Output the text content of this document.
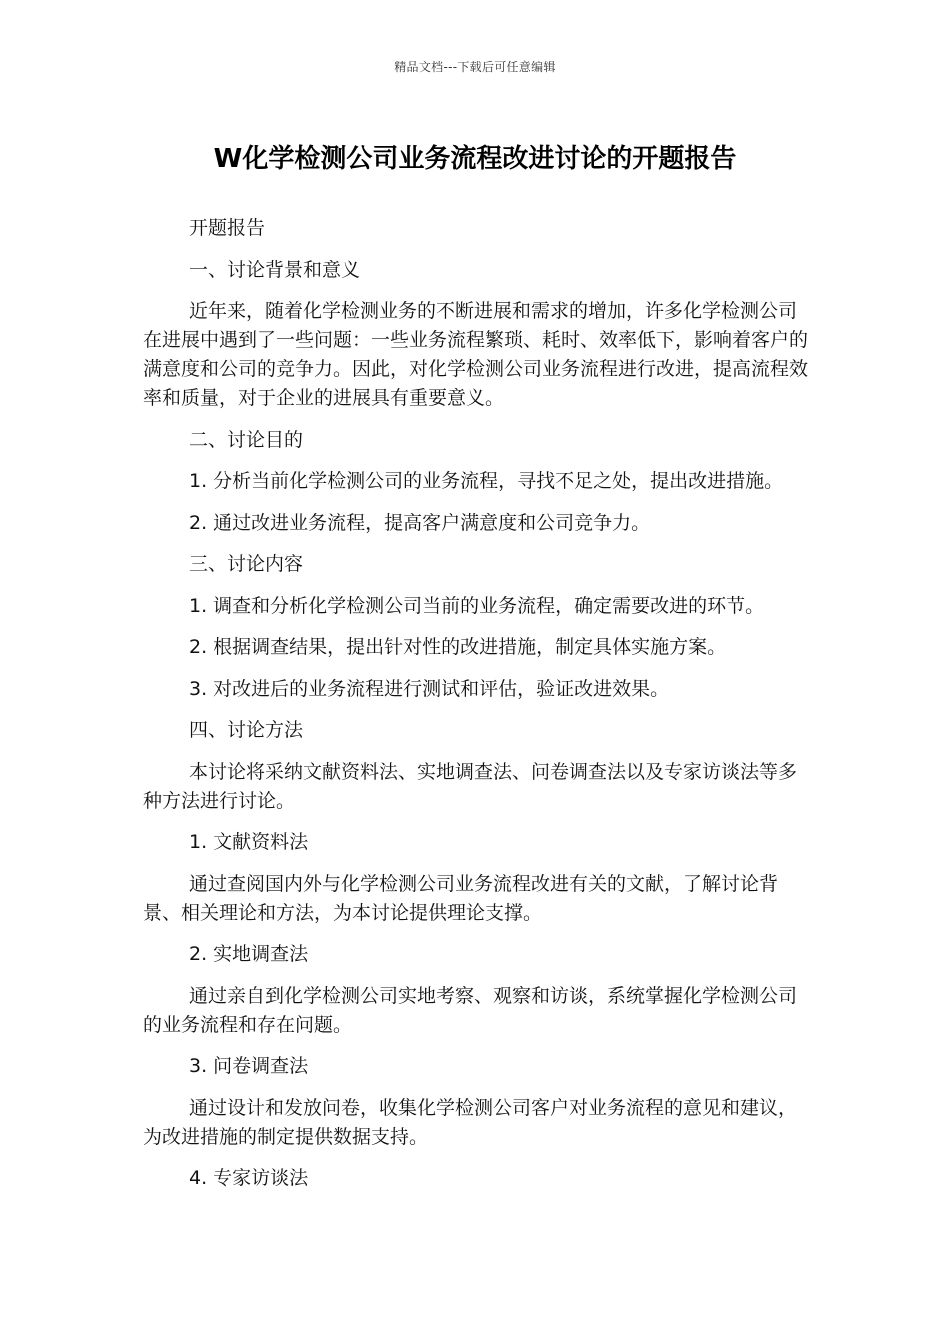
精品文档---下载后可任意编辑
W化学检测公司业务流程改进讨论的开题报告

开题报告

一、讨论背景和意义

近年来，随着化学检测业务的不断进展和需求的增加，许多化学检测公司在进展中遇到了一些问题：一些业务流程繁琐、耗时、效率低下，影响着客户的满意度和公司的竞争力。因此，对化学检测公司业务流程进行改进，提高流程效率和质量，对于企业的进展具有重要意义。

二、讨论目的

1. 分析当前化学检测公司的业务流程，寻找不足之处，提出改进措施。

2. 通过改进业务流程，提高客户满意度和公司竞争力。

三、讨论内容

1. 调查和分析化学检测公司当前的业务流程，确定需要改进的环节。

2. 根据调查结果，提出针对性的改进措施，制定具体实施方案。

3. 对改进后的业务流程进行测试和评估，验证改进效果。

四、讨论方法

本讨论将采纳文献资料法、实地调查法、问卷调查法以及专家访谈法等多种方法进行讨论。

1. 文献资料法

通过查阅国内外与化学检测公司业务流程改进有关的文献，了解讨论背景、相关理论和方法，为本讨论提供理论支撑。

2. 实地调查法

通过亲自到化学检测公司实地考察、观察和访谈，系统掌握化学检测公司的业务流程和存在问题。

3. 问卷调查法

通过设计和发放问卷，收集化学检测公司客户对业务流程的意见和建议，为改进措施的制定提供数据支持。

4. 专家访谈法
